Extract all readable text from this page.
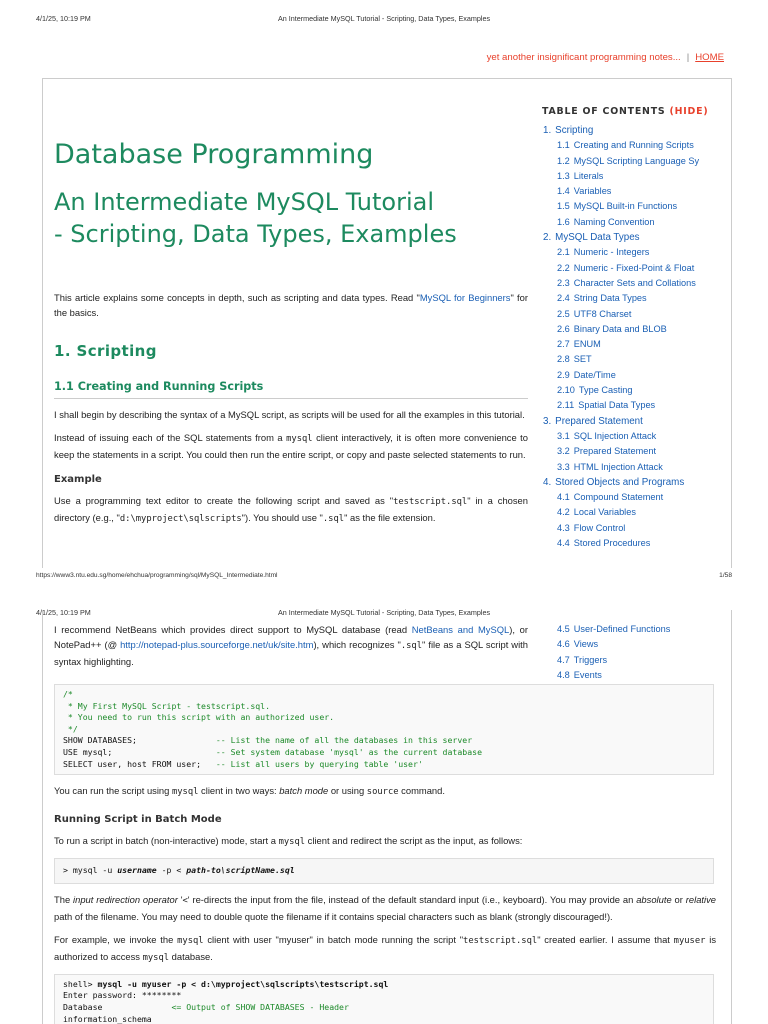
4/1/25, 10:19 PM	An Intermediate MySQL Tutorial - Scripting, Data Types, Examples
yet another insignificant programming notes... | HOME
Database Programming
An Intermediate MySQL Tutorial
- Scripting, Data Types, Examples

This article explains some concepts in depth, such as scripting and data types. Read "MySQL for Beginners" for the basics.

1. Scripting
1.1 Creating and Running Scripts

I shall begin by describing the syntax of a MySQL script, as scripts will be used for all the examples in this tutorial.

Instead of issuing each of the SQL statements from a mysql client interactively, it is often more convenience to keep the statements in a script. You could then run the entire script, or copy and paste selected statements to run.

Example

Use a programming text editor to create the following script and saved as "testscript.sql" in a chosen directory (e.g., "d:\myproject\sqlscripts"). You should use ".sql" as the file extension.

TABLE OF CONTENTS (HIDE)
1. Scripting
1.1 Creating and Running Scripts
1.2 MySQL Scripting Language Sy
1.3 Literals
1.4 Variables
1.5 MySQL Built-in Functions
1.6 Naming Convention
2. MySQL Data Types
2.1 Numeric - Integers
2.2 Numeric - Fixed-Point & Float
2.3 Character Sets and Collations
2.4 String Data Types
2.5 UTF8 Charset
2.6 Binary Data and BLOB
2.7 ENUM
2.8 SET
2.9 Date/Time
2.10 Type Casting
2.11 Spatial Data Types
3. Prepared Statement
3.1 SQL Injection Attack
3.2 Prepared Statement
3.3 HTML Injection Attack
4. Stored Objects and Programs
4.1 Compound Statement
4.2 Local Variables
4.3 Flow Control
4.4 Stored Procedures
https://www3.ntu.edu.sg/home/ehchua/programming/sql/MySQL_Intermediate.html	1/58
4/1/25, 10:19 PM	An Intermediate MySQL Tutorial - Scripting, Data Types, Examples

I recommend NetBeans which provides direct support to MySQL database (read NetBeans and MySQL), or NotePad++ (@ http://notepad-plus.sourceforge.net/uk/site.htm), which recognizes ".sql" file as a SQL script with syntax highlighting.

4.5 User-Defined Functions
4.6 Views
4.7 Triggers
4.8 Events
/*
* My First MySQL Script - testscript.sql.
* You need to run this script with an authorized user.
*/
SHOW DATABASES;                -- List the name of all the databases in this server
USE mysql;                     -- Set system database 'mysql' as the current database
SELECT user, host FROM user;   -- List all users by querying table 'user'

You can run the script using mysql client in two ways: batch mode or using source command.

Running Script in Batch Mode

To run a script in batch (non-interactive) mode, start a mysql client and redirect the script as the input, as follows:

> mysql -u username -p < path-to\scriptName.sql

The input redirection operator '<' re-directs the input from the file, instead of the default standard input (i.e., keyboard). You may provide an absolute or relative path of the filename. You may need to double quote the filename if it contains special characters such as blank (strongly discouraged!).

For example, we invoke the mysql client with user "myuser" in batch mode running the script "testscript.sql" created earlier. I assume that myuser is authorized to access mysql database.

shell> mysql -u myuser -p < d:\myproject\sqlscripts\testscript.sql
Enter password: ********
Database              <= Output of SHOW DATABASES - Header
information_schema
